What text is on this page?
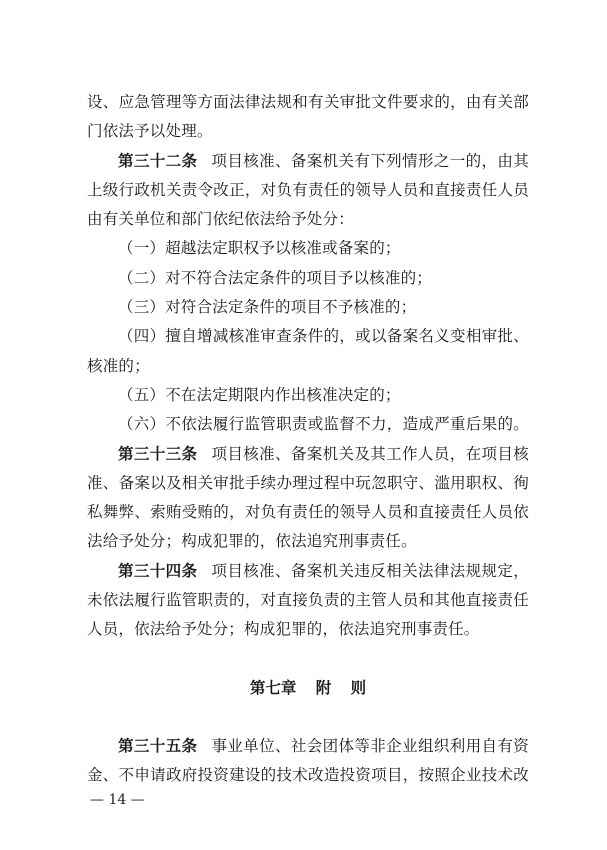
设、应急管理等方面法律法规和有关审批文件要求的，由有关部
门依法予以处理。
第三十二条 项目核准、备案机关有下列情形之一的，由其
上级行政机关责令改正，对负有责任的领导人员和直接责任人员
由有关单位和部门依纪依法给予处分：
（一）超越法定职权予以核准或备案的；
（二）对不符合法定条件的项目予以核准的；
（三）对符合法定条件的项目不予核准的；
（四）擅自增减核准审查条件的，或以备案名义变相审批、
核准的；
（五）不在法定期限内作出核准决定的；
（六）不依法履行监管职责或监督不力，造成严重后果的。
第三十三条 项目核准、备案机关及其工作人员，在项目核
准、备案以及相关审批手续办理过程中玩忽职守、滥用职权、徇
私舞弊、索贿受贿的，对负有责任的领导人员和直接责任人员依
法给予处分；构成犯罪的，依法追究刑事责任。
第三十四条 项目核准、备案机关违反相关法律法规规定，
未依法履行监管职责的，对直接负责的主管人员和其他直接责任
人员，依法给予处分；构成犯罪的，依法追究刑事责任。
第七章 附 则
第三十五条 事业单位、社会团体等非企业组织利用自有资
金、不申请政府投资建设的技术改造投资项目，按照企业技术改
— 14 —
